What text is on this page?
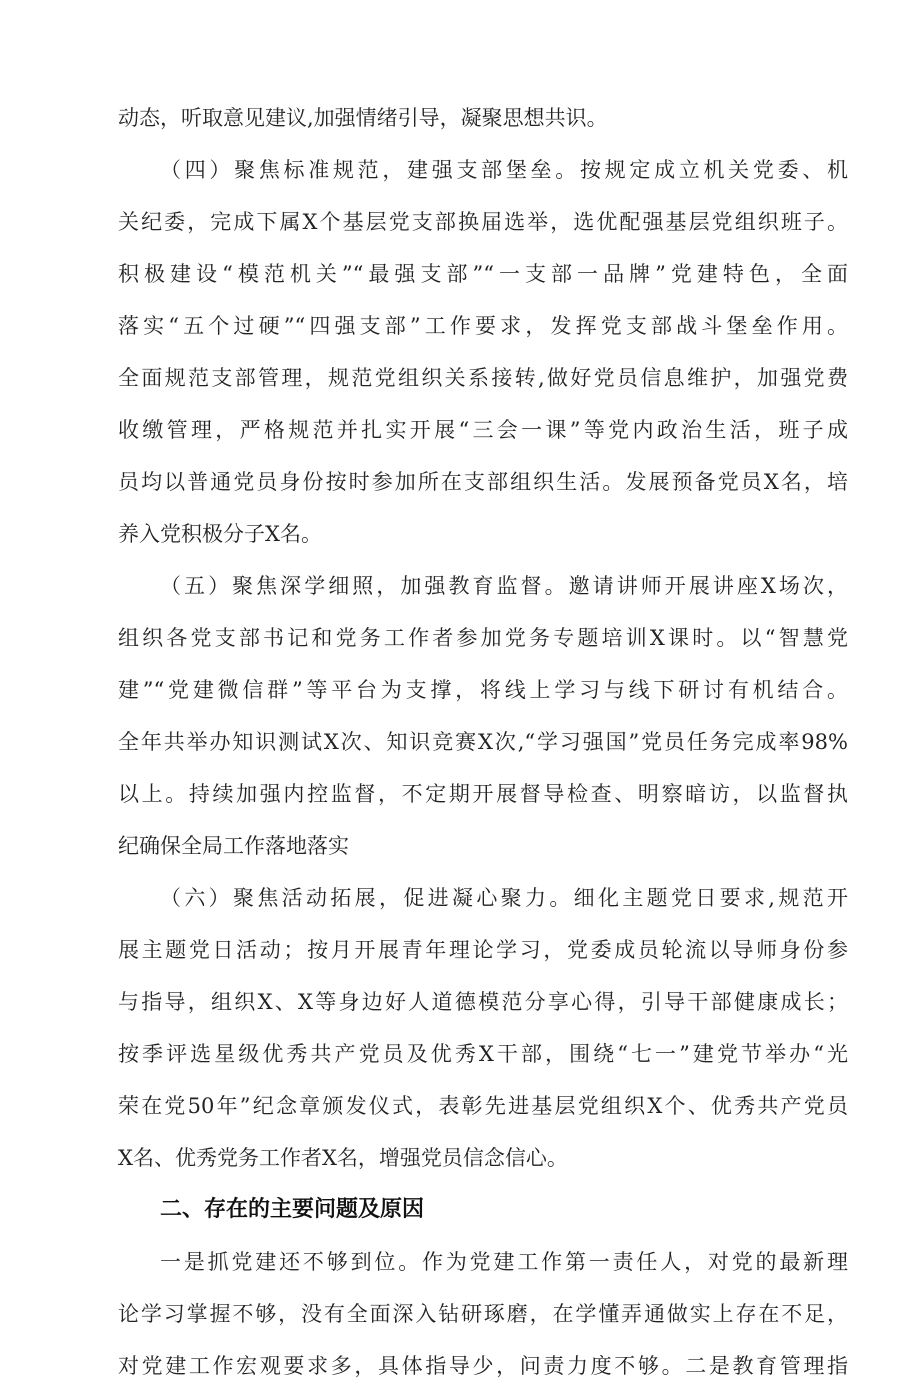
动态，听取意见建议,加强情绪引导，凝聚思想共识。
（四）聚焦标准规范，建强支部堡垒。按规定成立机关党委、机
关纪委，完成下属X个基层党支部换届选举，选优配强基层党组织班子。
积极建设“模范机关”“最强支部”“一支部一品牌”党建特色，全面
落实“五个过硬”“四强支部”工作要求，发挥党支部战斗堡垒作用。
全面规范支部管理，规范党组织关系接转,做好党员信息维护，加强党费
收缴管理，严格规范并扎实开展“三会一课”等党内政治生活，班子成
员均以普通党员身份按时参加所在支部组织生活。发展预备党员X名，培
养入党积极分子X名。
（五）聚焦深学细照，加强教育监督。邀请讲师开展讲座X场次，
组织各党支部书记和党务工作者参加党务专题培训X课时。以“智慧党
建”“党建微信群”等平台为支撑，将线上学习与线下研讨有机结合。
全年共举办知识测试X次、知识竞赛X次,“学习强国”党员任务完成率98%
以上。持续加强内控监督，不定期开展督导检查、明察暗访，以监督执
纪确保全局工作落地落实
（六）聚焦活动拓展，促进凝心聚力。细化主题党日要求,规范开
展主题党日活动；按月开展青年理论学习，党委成员轮流以导师身份参
与指导，组织X、X等身边好人道德模范分享心得，引导干部健康成长；
按季评选星级优秀共产党员及优秀X干部，围绕“七一”建党节举办“光
荣在党50年”纪念章颁发仪式，表彰先进基层党组织X个、优秀共产党员
X名、优秀党务工作者X名，增强党员信念信心。
二、存在的主要问题及原因
一是抓党建还不够到位。作为党建工作第一责任人，对党的最新理
论学习掌握不够，没有全面深入钻研琢磨，在学懂弄通做实上存在不足，
对党建工作宏观要求多，具体指导少，问责力度不够。二是教育管理指
